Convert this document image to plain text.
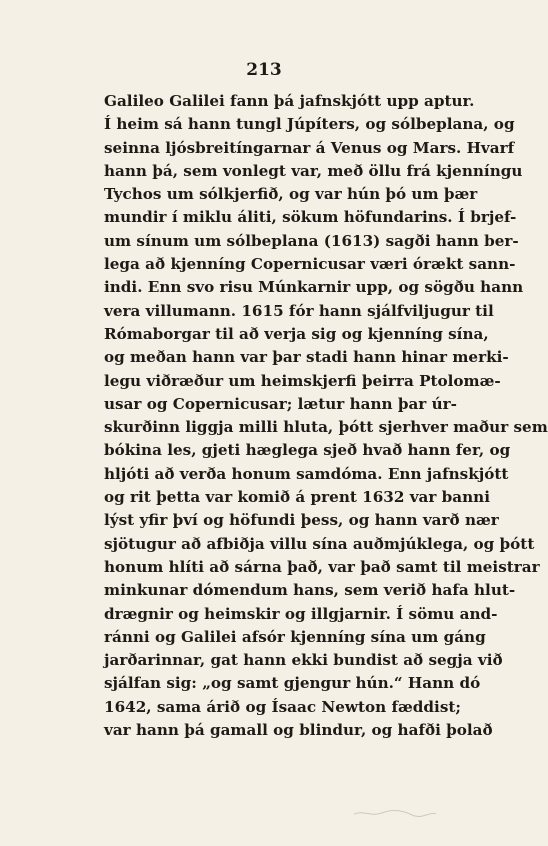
213
Galileo Galilei fann þá jafnskjótt upp aptur.
Í heim sá hann tungl Júpíters, og sólbeplana, og
seinna ljósbreitíngarnar á Venus og Mars. Hvarf
hann þá, sem vonlegt var, með öllu frá kjenníngu
Tychos um sólkjerfið, og var hún þó um þær
mundir í miklu áliti, sökum höfundarins. Í brjef-
um sínum um sólbeplana (1613) sagði hann ber-
lega að kjenníng Copernicusar væri órækt sann-
indi. Enn svo risu Múnkarnir upp, og sögðu hann
vera villumann. 1615 fór hann sjálfviljugur til
Rómaborgar til að verja sig og kjenníng sína,
og meðan hann var þar stadi hann hinar merki-
legu viðræður um heimskjerfi þeirra Ptolomæ-
usar og Copernicusar; lætur hann þar úr-
skurðinn liggja milli hluta, þótt sjerhver maður sem
bókina les, gjeti hæglega sjeð hvað hann fer, og
hljóti að verða honum samdóma. Enn jafnskjótt
og rit þetta var komið á prent 1632 var banni
lýst yfir því og höfundi þess, og hann varð nær
sjötugur að afbiðja villu sína auðmjúklega, og þótt
honum hlíti að sárna það, var það samt til meistrar
minkunar dómendum hans, sem verið hafa hlut-
drægnir og heimskir og illgjarnir. Í sömu and-
ránni og Galilei afsór kjenníng sína um gáng
jarðarinnar, gat hann ekki bundist að segja við
sjálfan sig: „og samt gjengur hún.“ Hann dó
1642, sama árið og Ísaac Newton fæddist;
var hann þá gamall og blindur, og hafði þolað
